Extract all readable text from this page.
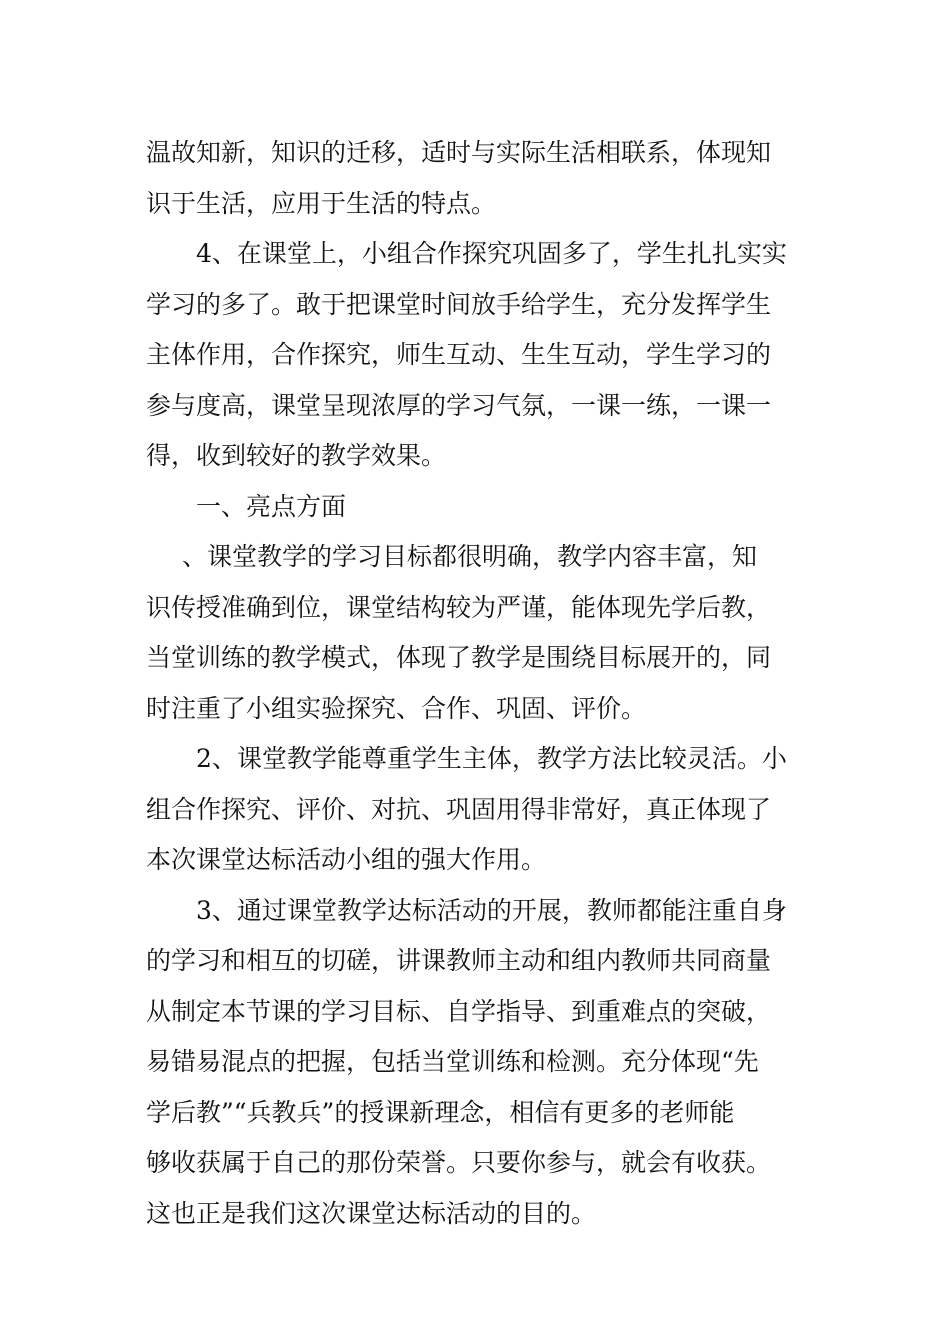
温故知新，知识的迁移，适时与实际生活相联系，体现知
识于生活，应用于生活的特点。
4、在课堂上，小组合作探究巩固多了，学生扎扎实实
学习的多了。敢于把课堂时间放手给学生，充分发挥学生
主体作用，合作探究，师生互动、生生互动，学生学习的
参与度高，课堂呈现浓厚的学习气氛，一课一练，一课一
得，收到较好的教学效果。
一、亮点方面
、课堂教学的学习目标都很明确，教学内容丰富，知
识传授准确到位，课堂结构较为严谨，能体现先学后教，
当堂训练的教学模式，体现了教学是围绕目标展开的，同
时注重了小组实验探究、合作、巩固、评价。
2、课堂教学能尊重学生主体，教学方法比较灵活。小
组合作探究、评价、对抗、巩固用得非常好，真正体现了
本次课堂达标活动小组的强大作用。
3、通过课堂教学达标活动的开展，教师都能注重自身
的学习和相互的切磋，讲课教师主动和组内教师共同商量
从制定本节课的学习目标、自学指导、到重难点的突破，
易错易混点的把握，包括当堂训练和检测。充分体现“先
学后教”“兵教兵”的授课新理念，相信有更多的老师能
够收获属于自己的那份荣誉。只要你参与，就会有收获。
这也正是我们这次课堂达标活动的目的。
